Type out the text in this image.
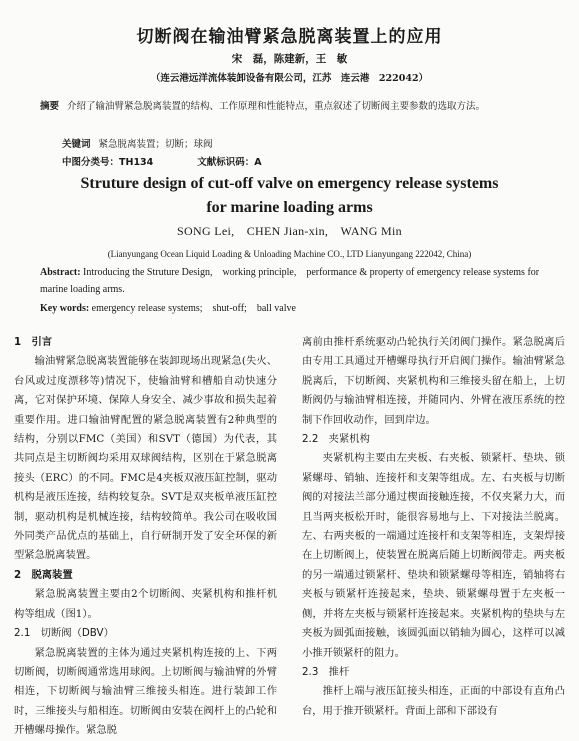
切断阀在输油臂紧急脱离装置上的应用
宋　磊，陈建新，王　敏
（连云港远洋流体装卸设备有限公司，江苏　连云港　222042）
摘要 介绍了输油臂紧急脱离装置的结构、工作原理和性能特点，重点叙述了切断阀主要参数的选取方法。
关键词 紧急脱离装置；切断；球阀
中图分类号：TH134	文献标识码：A
Struture design of cut-off valve on emergency release systems
for marine loading arms
SONG Lei,　CHEN Jian-xin,　WANG Min
(Lianyungang Ocean Liquid Loading & Unloading Machine CO., LTD Lianyungang 222042, China)
Abstract: Introducing the Struture Design,　working principle,　performance & property of emergency release systems for marine loading arms.
Key words: emergency release systems;　shut-off;　ball valve
1　引言
输油臂紧急脱离装置能够在装卸现场出现紧急(失火、台风或过度漂移等)情况下，使输油臂和槽船自动快速分离，它对保护环境、保障人身安全、减少事故和损失起着重要作用。进口输油臂配置的紧急脱离装置有2种典型的结构，分别以FMC（美国）和SVT（德国）为代表，其共同点是主切断阀均采用双球阀结构，区别在于紧急脱离接头（ERC）的不同。FMC是4夹板双液压缸控制，驱动机构是液压连接，结构较复杂。SVT是双夹板单液压缸控制，驱动机构是机械连接，结构较简单。我公司在吸收国外同类产品优点的基础上，自行研制开发了安全环保的新型紧急脱离装置。
2　脱离装置
紧急脱离装置主要由2个切断阀、夹紧机构和推杆机构等组成（图1）。
2.1　切断阀（DBV）
紧急脱离装置的主体为通过夹紧机构连接的上、下两切断阀，切断阀通常选用球阀。上切断阀与输油臂的外臂相连，下切断阀与输油臂三维接头相连。进行装卸工作时，三维接头与船相连。切断阀由安装在阀杆上的凸轮和开槽螺母操作。紧急脱
离前由推杆系统驱动凸轮执行关闭阀门操作。紧急脱离后由专用工具通过开槽螺母执行开启阀门操作。输油臂紧急脱离后，下切断阀、夹紧机构和三维接头留在船上，上切断阀仍与输油臂相连接，并随同内、外臂在液压系统的控制下作回收动作，回到岸边。
2.2　夹紧机构
夹紧机构主要由左夹板、右夹板、锁紧杆、垫块、锁紧螺母、销轴、连接杆和支架等组成。左、右夹板与切断阀的对接法兰部分通过楔面接触连接，不仅夹紧力大，而且当两夹板松开时，能很容易地与上、下对接法兰脱离。左、右两夹板的一端通过连接杆和支架等相连，支架焊接在上切断阀上，使装置在脱离后随上切断阀带走。两夹板的另一端通过锁紧杆、垫块和锁紧螺母等相连，销轴将右夹板与锁紧杆连接起来，垫块、锁紧螺母置于左夹板一侧，并将左夹板与锁紧杆连接起来。夹紧机构的垫块与左夹板为圆弧面接触，该圆弧面以销轴为圆心，这样可以减小推开锁紧杆的阻力。
2.3　推杆
推杆上端与液压缸接头相连，正面的中部设有直角凸台，用于推开锁紧杆。背面上部和下部设有
